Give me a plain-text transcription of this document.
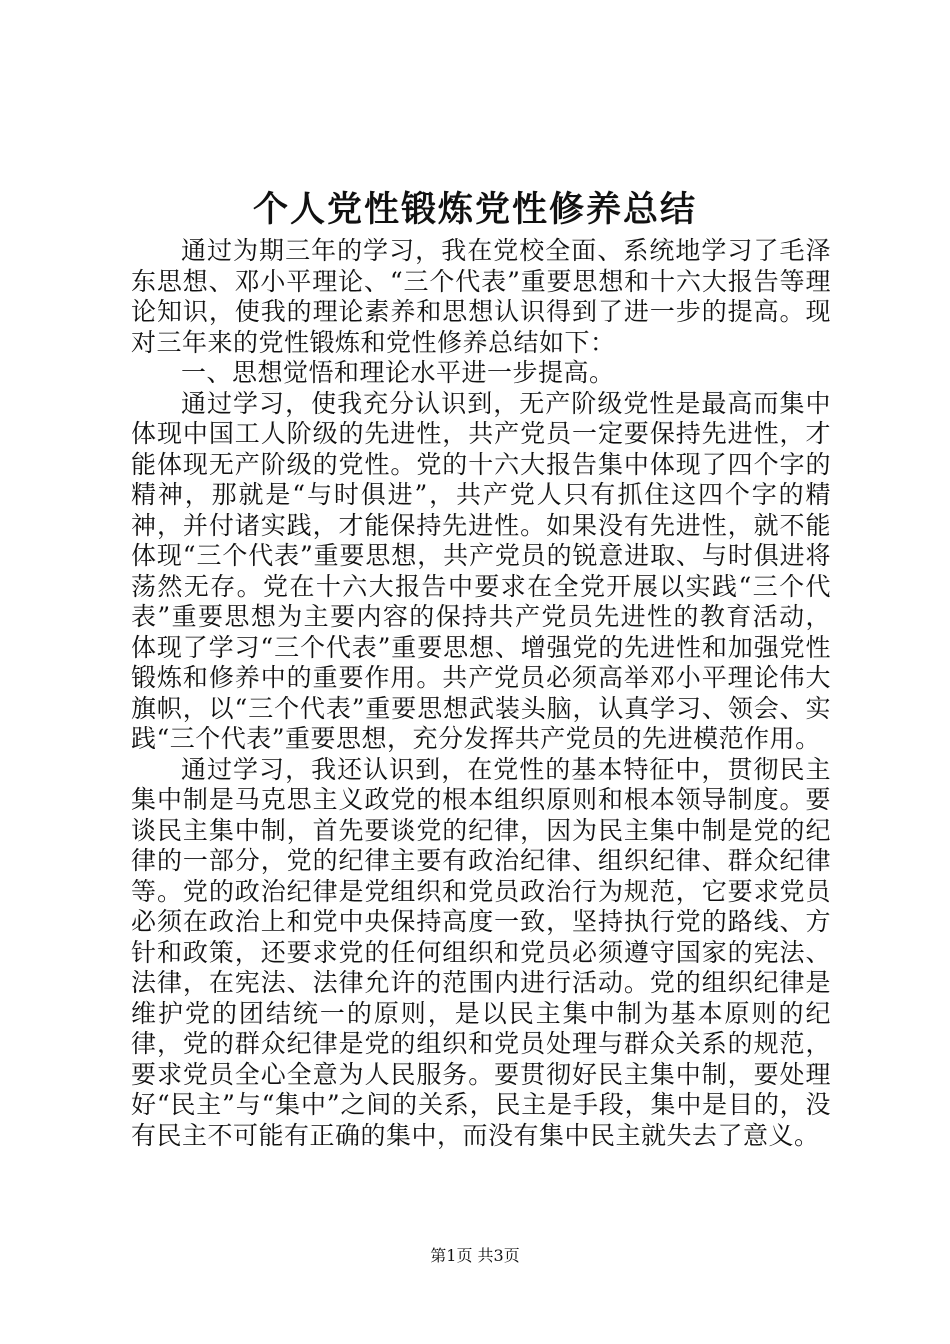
个人党性锻炼党性修养总结

通过为期三年的学习，我在党校全面、系统地学习了毛泽东思想、邓小平理论、“三个代表”重要思想和十六大报告等理论知识，使我的理论素养和思想认识得到了进一步的提高。现对三年来的党性锻炼和党性修养总结如下：

一、思想觉悟和理论水平进一步提高。

通过学习，使我充分认识到，无产阶级党性是最高而集中体现中国工人阶级的先进性，共产党员一定要保持先进性，才能体现无产阶级的党性。党的十六大报告集中体现了四个字的精神，那就是“与时俱进”，共产党人只有抓住这四个字的精神，并付诸实践，才能保持先进性。如果没有先进性，就不能体现“三个代表”重要思想，共产党员的锐意进取、与时俱进将荡然无存。党在十六大报告中要求在全党开展以实践“三个代表”重要思想为主要内容的保持共产党员先进性的教育活动，体现了学习“三个代表”重要思想、增强党的先进性和加强党性锻炼和修养中的重要作用。共产党员必须高举邓小平理论伟大旗帜，以“三个代表”重要思想武装头脑，认真学习、领会、实践“三个代表”重要思想，充分发挥共产党员的先进模范作用。

通过学习，我还认识到，在党性的基本特征中，贯彻民主集中制是马克思主义政党的根本组织原则和根本领导制度。要谈民主集中制，首先要谈党的纪律，因为民主集中制是党的纪律的一部分，党的纪律主要有政治纪律、组织纪律、群众纪律等。党的政治纪律是党组织和党员政治行为规范，它要求党员必须在政治上和党中央保持高度一致，坚持执行党的路线、方针和政策，还要求党的任何组织和党员必须遵守国家的宪法、法律，在宪法、法律允许的范围内进行活动。党的组织纪律是维护党的团结统一的原则，是以民主集中制为基本原则的纪律，党的群众纪律是党的组织和党员处理与群众关系的规范，要求党员全心全意为人民服务。要贯彻好民主集中制，要处理好“民主”与“集中”之间的关系，民主是手段，集中是目的，没有民主不可能有正确的集中，而没有集中民主就失去了意义。

第1页 共3页
